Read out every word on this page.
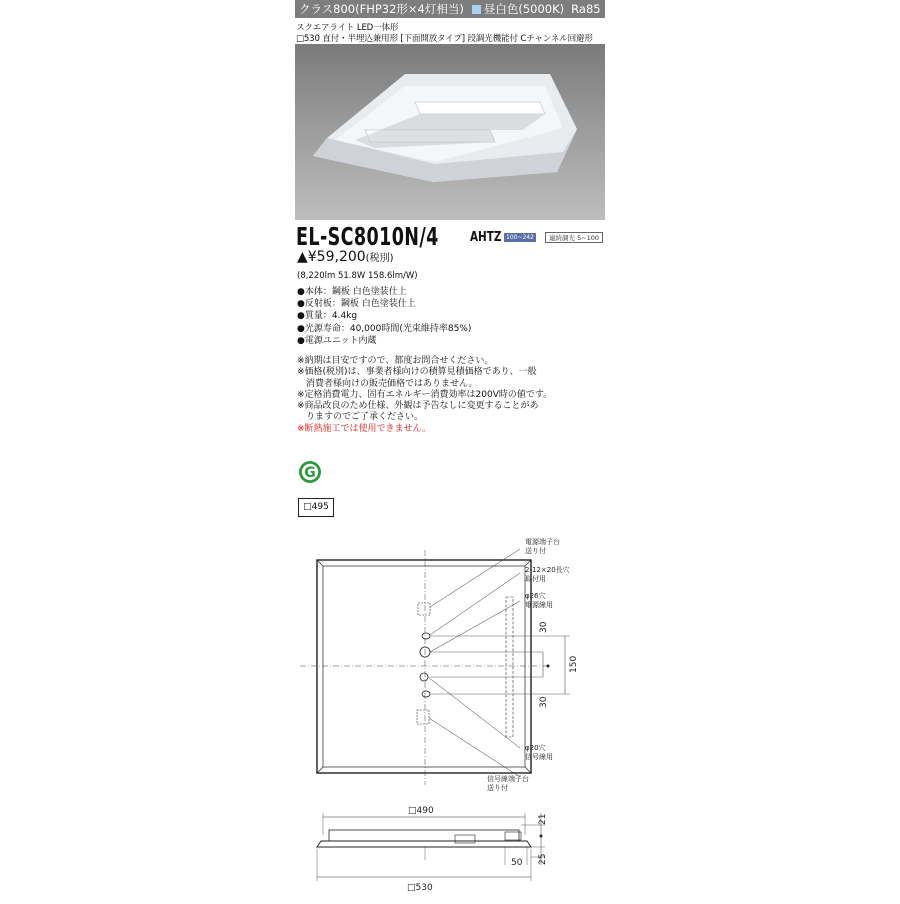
クラス800(FHP32形×4灯相当) 昼白色(5000K) Ra85
スクエアライト LED一体形
□530 直付・半埋込兼用形 [下面開放タイプ] 段調光機能付 Cチャンネル回避形
EL-SC8010N/4 AHTZ 100~242	連続調光 5~100
▲¥59,200(税別)
(8,220lm 51.8W 158.6lm/W)
●本体：鋼板 白色塗装仕上
●反射板：鋼板 白色塗装仕上
●質量：4.4kg
●光源寿命：40,000時間(光束維持率85%)
●電源ユニット内蔵
※納期は目安ですので、都度お問合せください。
※価格(税別)は、事業者様向けの積算見積価格であり、一般
　消費者様向けの販売価格ではありません。
※定格消費電力、固有エネルギー消費効率は200V時の値です。
※商品改良のため仕様、外観は予告なしに変更することがあ
　りますのでご了承ください。
※断熱施工では使用できません。
G
□495
電源端子台
送り付
2-12×20長穴
取付用
φ26穴
電源線用
φ20穴
信号線用
信号線端子台
送り付
30
150
30
□490
21
25
50
□530
